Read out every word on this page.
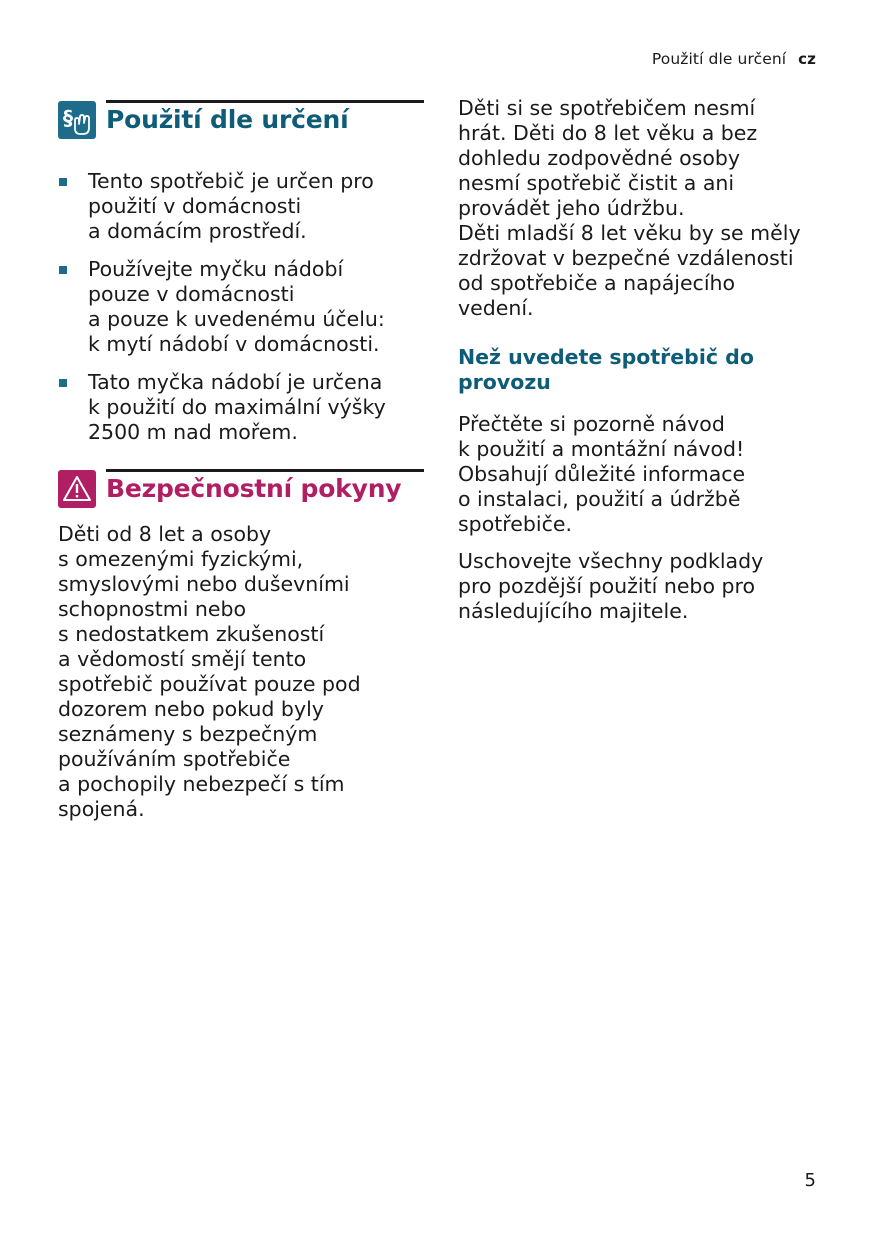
Použití dle určení cz
§ Použití dle určení
Tento spotřebič je určen pro
použití v domácnosti
a domácím prostředí.
Používejte myčku nádobí
pouze v domácnosti
a pouze k uvedenému účelu:
k mytí nádobí v domácnosti.
Tato myčka nádobí je určena
k použití do maximální výšky
2500 m nad mořem.
Bezpečnostní pokyny

Děti od 8 let a osoby
s omezenými fyzickými,
smyslovými nebo duševními
schopnostmi nebo
s nedostatkem zkušeností
a vědomostí smějí tento
spotřebič používat pouze pod
dozorem nebo pokud byly
seznámeny s bezpečným
používáním spotřebiče
a pochopily nebezpečí s tím
spojená.

Děti si se spotřebičem nesmí
hrát. Děti do 8 let věku a bez
dohledu zodpovědné osoby
nesmí spotřebič čistit a ani
provádět jeho údržbu.
Děti mladší 8 let věku by se měly
zdržovat v bezpečné vzdálenosti
od spotřebiče a napájecího
vedení.

Než uvedete spotřebič do
provozu

Přečtěte si pozorně návod
k použití a montážní návod!
Obsahují důležité informace
o instalaci, použití a údržbě
spotřebiče.

Uschovejte všechny podklady
pro pozdější použití nebo pro
následujícího majitele.

5
